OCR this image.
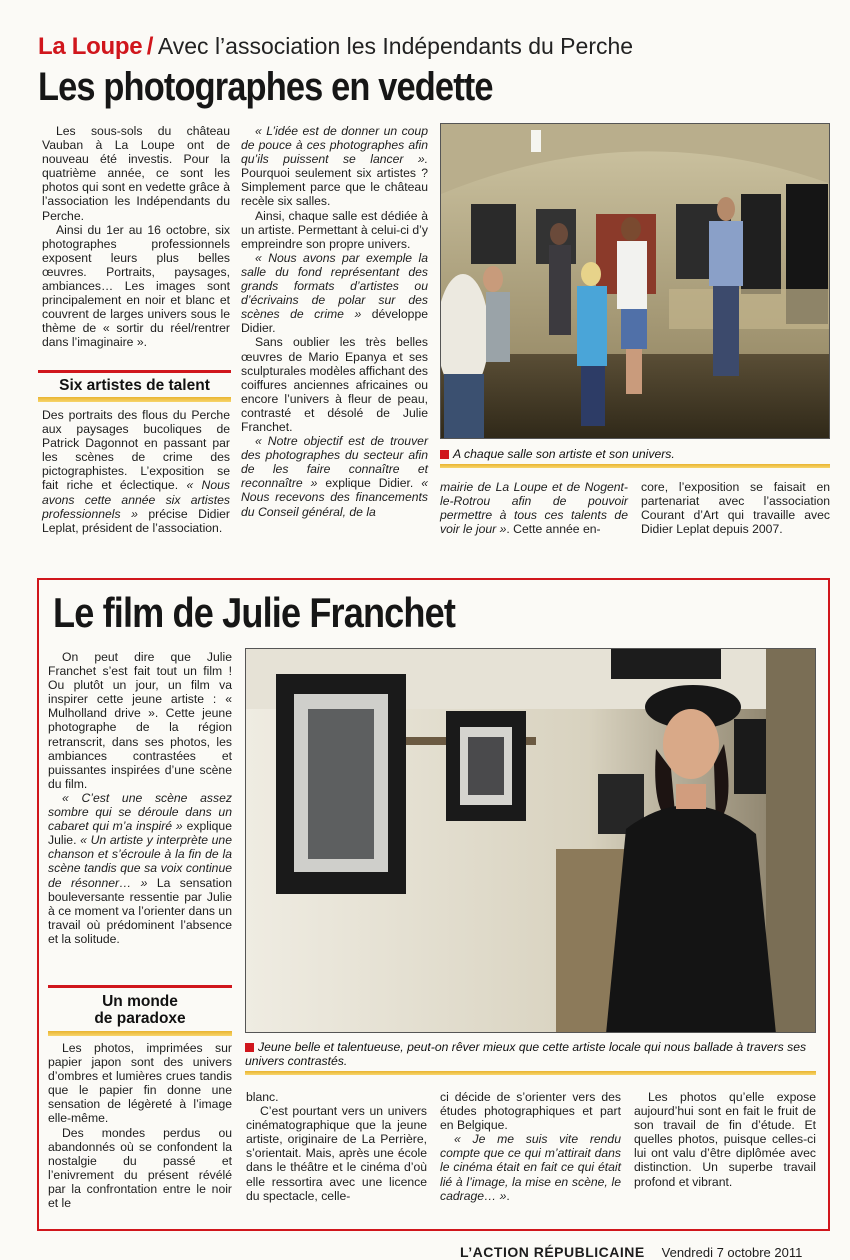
La Loupe / Avec l’association les Indépendants du Perche
Les photographes en vedette

Les sous-sols du château Vauban à La Loupe ont de nouveau été investis. Pour la quatrième année, ce sont les photos qui sont en vedette grâce à l’association les Indépendants du Perche.

Ainsi du 1er au 16 octobre, six photographes professionnels exposent leurs plus belles œuvres. Portraits, paysages, ambiances… Les images sont principalement en noir et blanc et couvrent de larges univers sous le thème de « sortir du réel/rentrer dans l’imaginaire ».

Six artistes de talent

Des portraits des flous du Perche aux paysages bucoliques de Patrick Dagonnot en passant par les scènes de crime des pictographistes. L’exposition se fait riche et éclectique. « Nous avons cette année six artistes professionnels » précise Didier Leplat, président de l’association.

« L’idée est de donner un coup de pouce à ces photographes afin qu’ils puissent se lancer ». Pourquoi seulement six artistes ? Simplement parce que le château recèle six salles.

Ainsi, chaque salle est dédiée à un artiste. Permettant à celui-ci d’y empreindre son propre univers.

« Nous avons par exemple la salle du fond représentant des grands formats d’artistes ou d’écrivains de polar sur des scènes de crime » développe Didier.

Sans oublier les très belles œuvres de Mario Epanya et ses sculpturales modèles affichant des coiffures anciennes africaines ou encore l’univers à fleur de peau, contrasté et désolé de Julie Franchet.

« Notre objectif est de trouver des photographes du secteur afin de les faire connaître et reconnaître » explique Didier. « Nous recevons des financements du Conseil général, de la

A chaque salle son artiste et son univers.

mairie de La Loupe et de Nogent-le-Rotrou afin de pouvoir permettre à tous ces talents de voir le jour ». Cette année en-

core, l’exposition se faisait en partenariat avec l’association Courant d’Art qui travaille avec Didier Leplat depuis 2007.

Le film de Julie Franchet

On peut dire que Julie Franchet s’est fait tout un film ! Ou plutôt un jour, un film va inspirer cette jeune artiste : « Mulholland drive ». Cette jeune photographe de la région retranscrit, dans ses photos, les ambiances contrastées et puissantes inspirées d’une scène du film.

« C’est une scène assez sombre qui se déroule dans un cabaret qui m’a inspiré » explique Julie. « Un artiste y interprète une chanson et s’écroule à la fin de la scène tandis que sa voix continue de résonner… » La sensation bouleversante ressentie par Julie à ce moment va l’orienter dans un travail où prédominent l’absence et la solitude.

Un monde
de paradoxe

Les photos, imprimées sur papier japon sont des univers d’ombres et lumières crues tandis que le papier fin donne une sensation de légèreté à l’image elle-même.

Des mondes perdus ou abandonnés où se confondent la nostalgie du passé et l’enivrement du présent révélé par la confrontation entre le noir et le

Jeune belle et talentueuse, peut-on rêver mieux que cette artiste locale qui nous ballade à travers ses univers contrastés.

blanc.

C’est pourtant vers un univers cinématographique que la jeune artiste, originaire de La Perrière, s’orientait. Mais, après une école dans le théâtre et le cinéma d’où elle ressortira avec une licence du spectacle, celle-

ci décide de s’orienter vers des études photographiques et part en Belgique.

« Je me suis vite rendu compte que ce qui m’attirait dans le cinéma était en fait ce qui était lié à l’image, la mise en scène, le cadrage… ».

Les photos qu’elle expose aujourd’hui sont en fait le fruit de son travail de fin d’étude. Et quelles photos, puisque celles-ci lui ont valu d’être diplômée avec distinction. Un superbe travail profond et vibrant.

L’ACTION RÉPUBLICAINE Vendredi 7 octobre 2011
